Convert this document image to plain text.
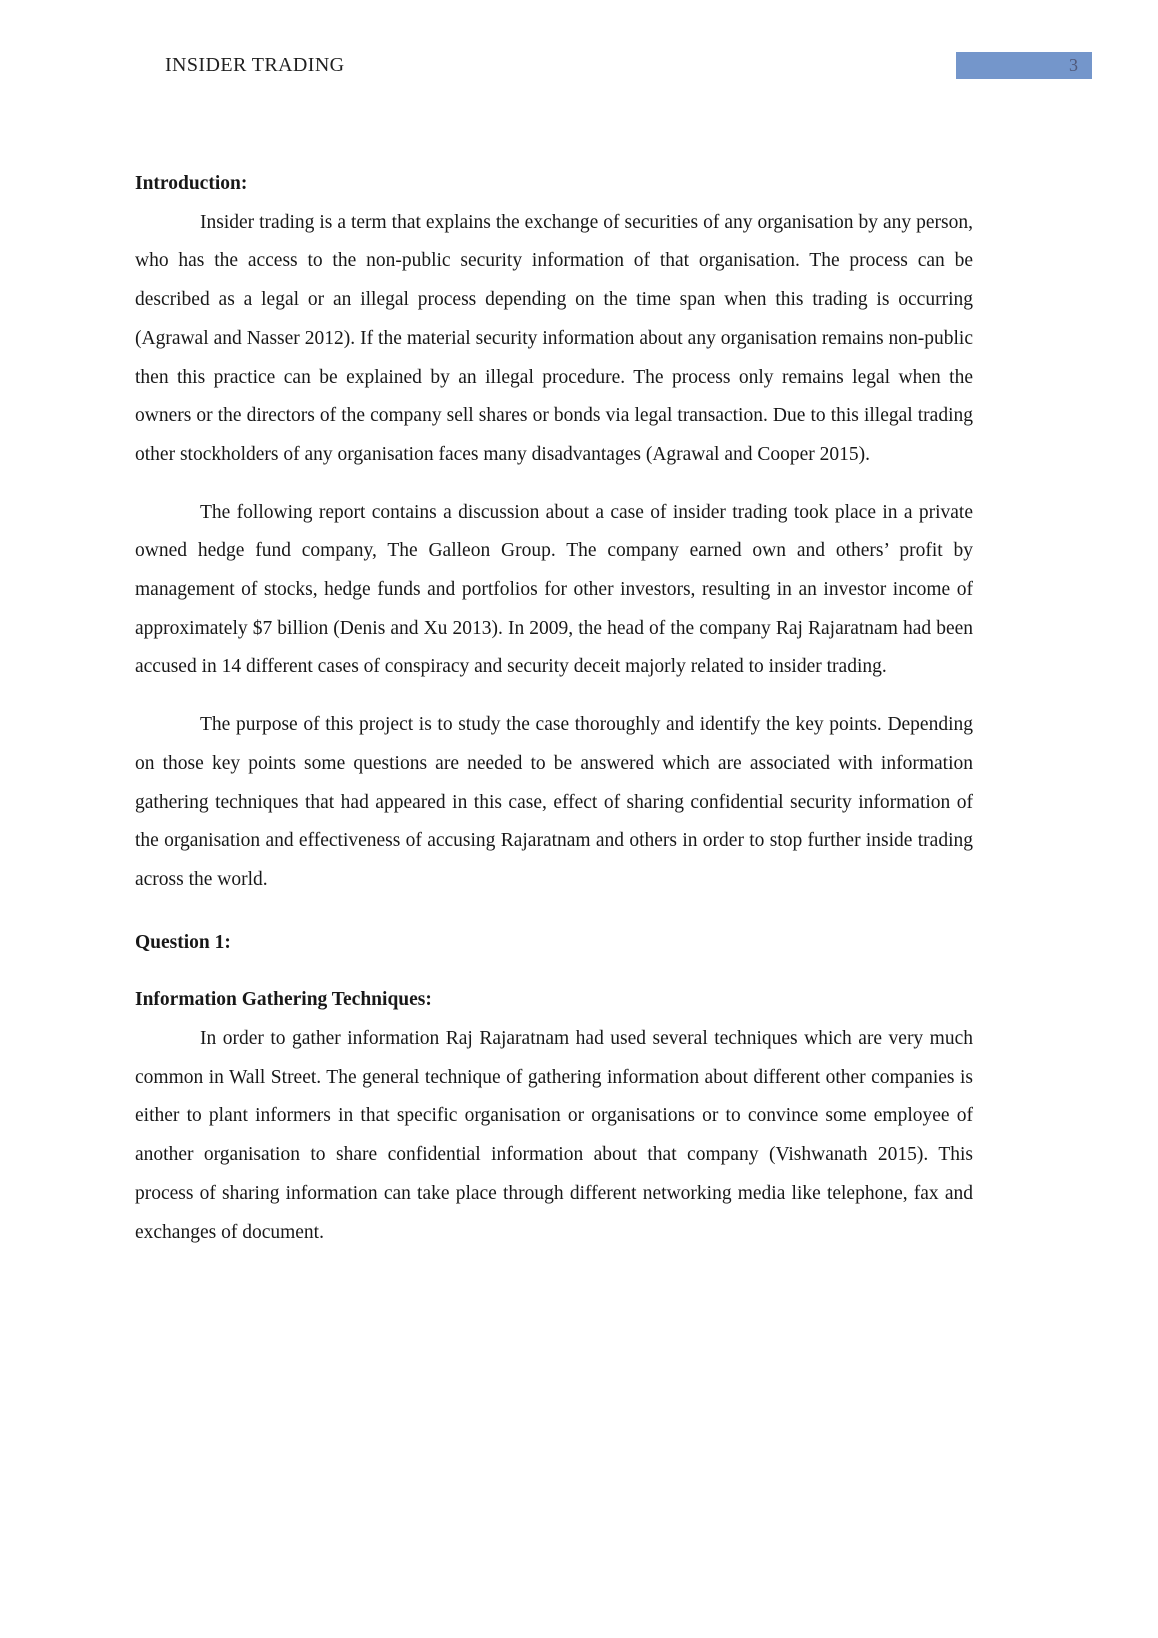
INSIDER TRADING	3

Introduction:

Insider trading is a term that explains the exchange of securities of any organisation by any person, who has the access to the non-public security information of that organisation. The process can be described as a legal or an illegal process depending on the time span when this trading is occurring (Agrawal and Nasser 2012). If the material security information about any organisation remains non-public then this practice can be explained by an illegal procedure. The process only remains legal when the owners or the directors of the company sell shares or bonds via legal transaction. Due to this illegal trading other stockholders of any organisation faces many disadvantages (Agrawal and Cooper 2015).

The following report contains a discussion about a case of insider trading took place in a private owned hedge fund company, The Galleon Group. The company earned own and others’ profit by management of stocks, hedge funds and portfolios for other investors, resulting in an investor income of approximately $7 billion (Denis and Xu 2013). In 2009, the head of the company Raj Rajaratnam had been accused in 14 different cases of conspiracy and security deceit majorly related to insider trading.

The purpose of this project is to study the case thoroughly and identify the key points. Depending on those key points some questions are needed to be answered which are associated with information gathering techniques that had appeared in this case, effect of sharing confidential security information of the organisation and effectiveness of accusing Rajaratnam and others in order to stop further inside trading across the world.

Question 1:

Information Gathering Techniques:

In order to gather information Raj Rajaratnam had used several techniques which are very much common in Wall Street. The general technique of gathering information about different other companies is either to plant informers in that specific organisation or organisations or to convince some employee of another organisation to share confidential information about that company (Vishwanath 2015). This process of sharing information can take place through different networking media like telephone, fax and exchanges of document.
